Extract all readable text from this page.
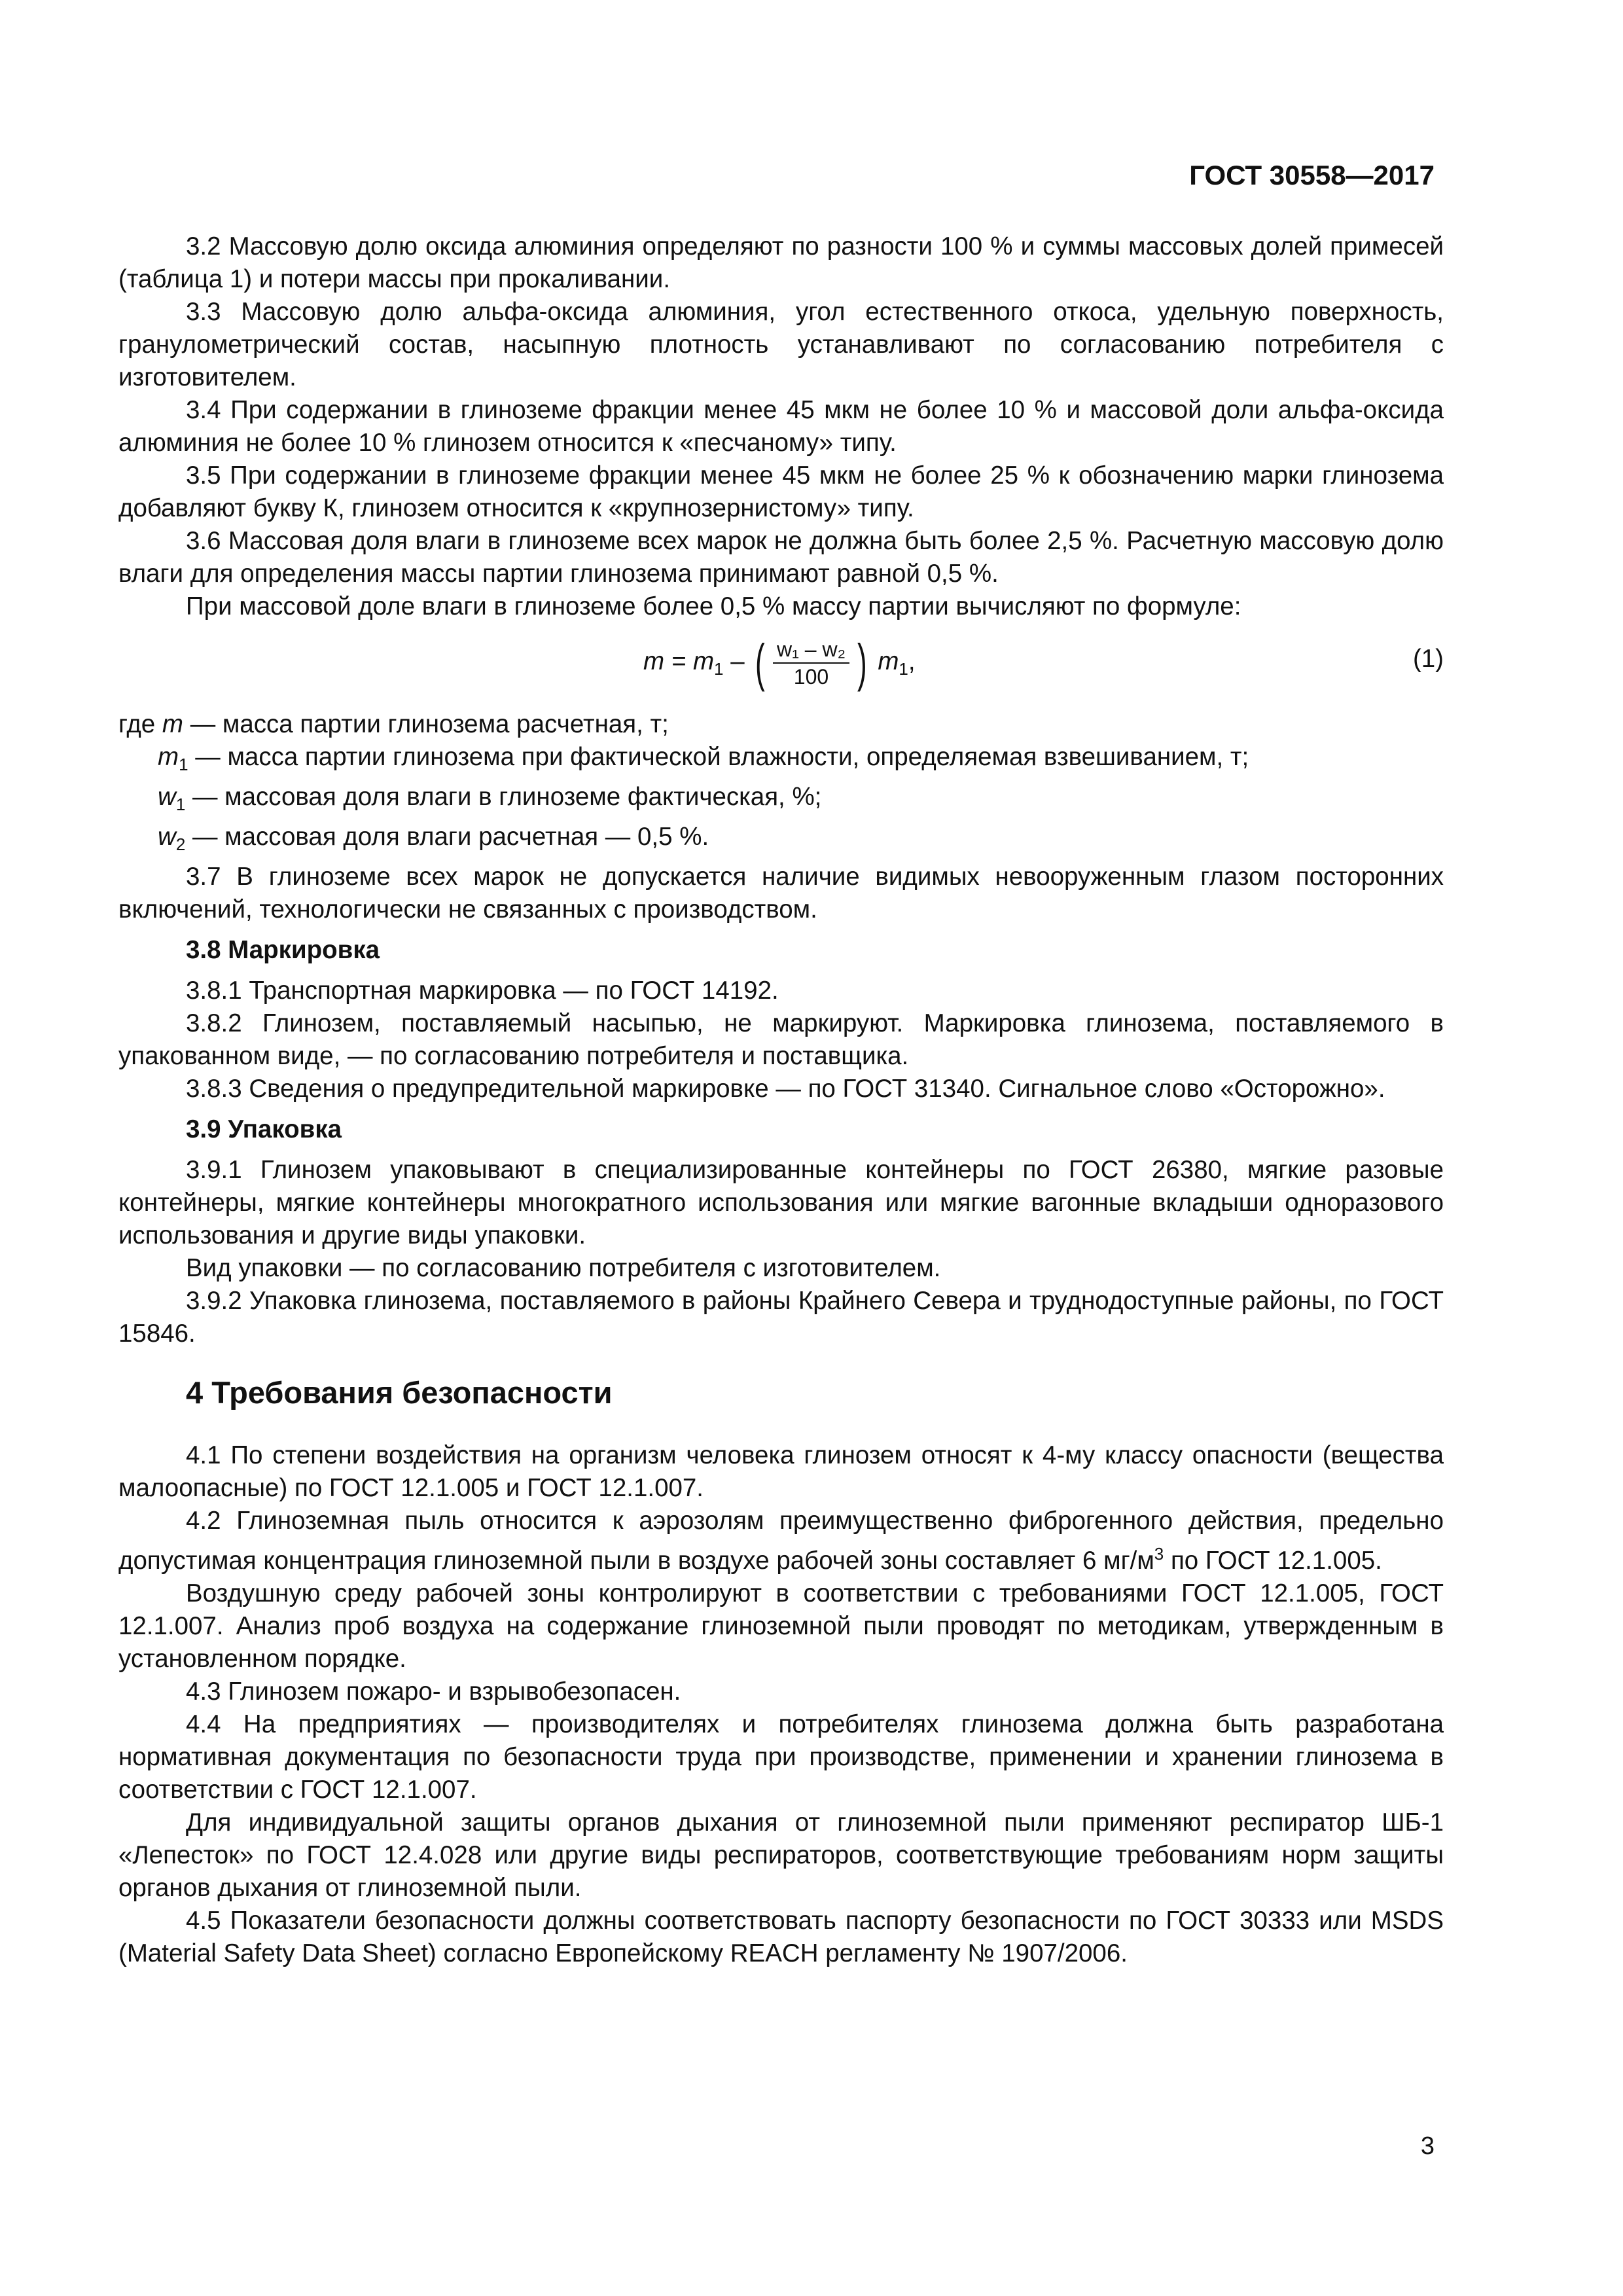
ГОСТ 30558—2017

3.2 Массовую долю оксида алюминия определяют по разности 100 % и суммы массовых долей примесей (таблица 1) и потери массы при прокаливании.

3.3 Массовую долю альфа-оксида алюминия, угол естественного откоса, удельную поверхность, гранулометрический состав, насыпную плотность устанавливают по согласованию потребителя с изготовителем.

3.4 При содержании в глиноземе фракции менее 45 мкм не более 10 % и массовой доли альфа-оксида алюминия не более 10 % глинозем относится к «песчаному» типу.

3.5 При содержании в глиноземе фракции менее 45 мкм не более 25 % к обозначению марки глинозема добавляют букву К, глинозем относится к «крупнозернистому» типу.

3.6 Массовая доля влаги в глиноземе всех марок не должна быть более 2,5 %. Расчетную массовую долю влаги для определения массы партии глинозема принимают равной 0,5 %.

При массовой доле влаги в глиноземе более 0,5 % массу партии вычисляют по формуле:

$m = m_1$ – ( $\frac{\text{w₁ – w₂}}{100}$ ) $m_1$,	(1)

где m — масса партии глинозема расчетная, т;

$m_1$ — масса партии глинозема при фактической влажности, определяемая взвешиванием, т;

$w_1$ — массовая доля влаги в глиноземе фактическая, %;

$w_2$ — массовая доля влаги расчетная — 0,5 %.

3.7 В глиноземе всех марок не допускается наличие видимых невооруженным глазом посторонних включений, технологически не связанных с производством.

3.8 Маркировка

3.8.1 Транспортная маркировка — по ГОСТ 14192.

3.8.2 Глинозем, поставляемый насыпью, не маркируют. Маркировка глинозема, поставляемого в упакованном виде, — по согласованию потребителя и поставщика.

3.8.3 Сведения о предупредительной маркировке — по ГОСТ 31340. Сигнальное слово «Осторожно».

3.9 Упаковка

3.9.1 Глинозем упаковывают в специализированные контейнеры по ГОСТ 26380, мягкие разовые контейнеры, мягкие контейнеры многократного использования или мягкие вагонные вкладыши одноразового использования и другие виды упаковки.

Вид упаковки — по согласованию потребителя с изготовителем.

3.9.2 Упаковка глинозема, поставляемого в районы Крайнего Севера и труднодоступные районы, по ГОСТ 15846.

4 Требования безопасности

4.1 По степени воздействия на организм человека глинозем относят к 4-му классу опасности (вещества малоопасные) по ГОСТ 12.1.005 и ГОСТ 12.1.007.

4.2 Глиноземная пыль относится к аэрозолям преимущественно фиброгенного действия, предельно допустимая концентрация глиноземной пыли в воздухе рабочей зоны составляет 6 $мг/м^3$ по ГОСТ 12.1.005.

Воздушную среду рабочей зоны контролируют в соответствии с требованиями ГОСТ 12.1.005, ГОСТ 12.1.007. Анализ проб воздуха на содержание глиноземной пыли проводят по методикам, утвержденным в установленном порядке.

4.3 Глинозем пожаро- и взрывобезопасен.

4.4 На предприятиях — производителях и потребителях глинозема должна быть разработана нормативная документация по безопасности труда при производстве, применении и хранении глинозема в соответствии с ГОСТ 12.1.007.

Для индивидуальной защиты органов дыхания от глиноземной пыли применяют респиратор ШБ-1 «Лепесток» по ГОСТ 12.4.028 или другие виды респираторов, соответствующие требованиям норм защиты органов дыхания от глиноземной пыли.

4.5 Показатели безопасности должны соответствовать паспорту безопасности по ГОСТ 30333 или MSDS (Material Safety Data Sheet) согласно Европейскому REACH регламенту № 1907/2006.

3
